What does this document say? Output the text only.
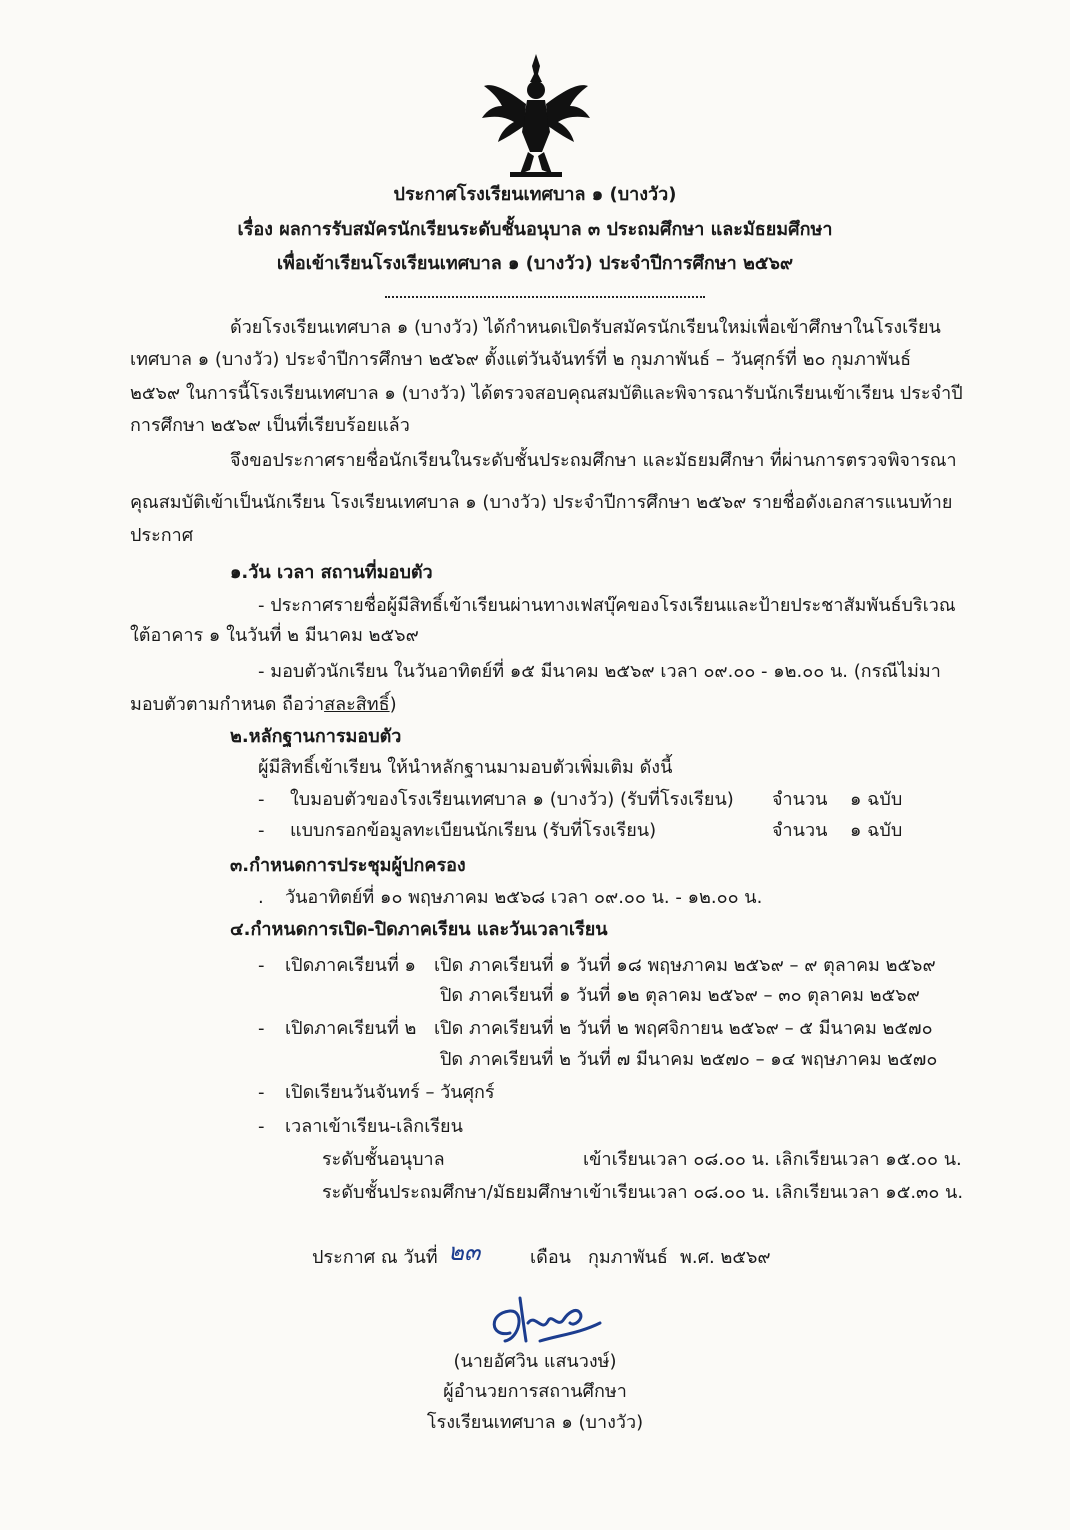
ประกาศโรงเรียนเทศบาล ๑ (บางวัว)
เรื่อง ผลการรับสมัครนักเรียนระดับชั้นอนุบาล ๓ ประถมศึกษา และมัธยมศึกษา
เพื่อเข้าเรียนโรงเรียนเทศบาล ๑ (บางวัว) ประจำปีการศึกษา ๒๕๖๙
ด้วยโรงเรียนเทศบาล ๑ (บางวัว) ได้กำหนดเปิดรับสมัครนักเรียนใหม่เพื่อเข้าศึกษาในโรงเรียน
เทศบาล ๑ (บางวัว) ประจำปีการศึกษา ๒๕๖๙ ตั้งแต่วันจันทร์ที่ ๒ กุมภาพันธ์ – วันศุกร์ที่ ๒๐ กุมภาพันธ์
๒๕๖๙ ในการนี้โรงเรียนเทศบาล ๑ (บางวัว) ได้ตรวจสอบคุณสมบัติและพิจารณารับนักเรียนเข้าเรียน ประจำปี
การศึกษา ๒๕๖๙ เป็นที่เรียบร้อยแล้ว
จึงขอประกาศรายชื่อนักเรียนในระดับชั้นประถมศึกษา และมัธยมศึกษา ที่ผ่านการตรวจพิจารณา
คุณสมบัติเข้าเป็นนักเรียน โรงเรียนเทศบาล ๑ (บางวัว) ประจำปีการศึกษา ๒๕๖๙ รายชื่อดังเอกสารแนบท้าย
ประกาศ
๑.วัน เวลา สถานที่มอบตัว
- ประกาศรายชื่อผู้มีสิทธิ์เข้าเรียนผ่านทางเฟสบุ๊คของโรงเรียนและป้ายประชาสัมพันธ์บริเวณ
ใต้อาคาร ๑ ในวันที่ ๒ มีนาคม ๒๕๖๙
- มอบตัวนักเรียน ในวันอาทิตย์ที่ ๑๕ มีนาคม ๒๕๖๙ เวลา ๐๙.๐๐ - ๑๒.๐๐ น. (กรณีไม่มา
มอบตัวตามกำหนด ถือว่าสละสิทธิ์)
๒.หลักฐานการมอบตัว
ผู้มีสิทธิ์เข้าเรียน ให้นำหลักฐานมามอบตัวเพิ่มเติม ดังนี้
- ใบมอบตัวของโรงเรียนเทศบาล ๑ (บางวัว) (รับที่โรงเรียน) จำนวน ๑ ฉบับ
- แบบกรอกข้อมูลทะเบียนนักเรียน (รับที่โรงเรียน)	จำนวน ๑ ฉบับ
๓.กำหนดการประชุมผู้ปกครอง
. วันอาทิตย์ที่ ๑๐ พฤษภาคม ๒๕๖๘ เวลา ๐๙.๐๐ น. - ๑๒.๐๐ น.
๔.กำหนดการเปิด-ปิดภาคเรียน และวันเวลาเรียน
- เปิดภาคเรียนที่ ๑ เปิด ภาคเรียนที่ ๑ วันที่ ๑๘ พฤษภาคม ๒๕๖๙ – ๙ ตุลาคม ๒๕๖๙
ปิด ภาคเรียนที่ ๑ วันที่ ๑๒ ตุลาคม ๒๕๖๙ – ๓๐ ตุลาคม ๒๕๖๙
- เปิดภาคเรียนที่ ๒ เปิด ภาคเรียนที่ ๒ วันที่ ๒ พฤศจิกายน ๒๕๖๙ – ๕ มีนาคม ๒๕๗๐
ปิด ภาคเรียนที่ ๒ วันที่ ๗ มีนาคม ๒๕๗๐ – ๑๔ พฤษภาคม ๒๕๗๐
- เปิดเรียนวันจันทร์ – วันศุกร์
- เวลาเข้าเรียน-เลิกเรียน
ระดับชั้นอนุบาล	เข้าเรียนเวลา ๐๘.๐๐ น. เลิกเรียนเวลา ๑๕.๐๐ น.
ระดับชั้นประถมศึกษา/มัธยมศึกษา เข้าเรียนเวลา ๐๘.๐๐ น. เลิกเรียนเวลา ๑๕.๓๐ น.
ประกาศ ณ วันที่ ๒๓	เดือน กุมภาพันธ์ พ.ศ. ๒๕๖๙
(นายอัศวิน แสนวงษ์)
ผู้อำนวยการสถานศึกษา
โรงเรียนเทศบาล ๑ (บางวัว)
